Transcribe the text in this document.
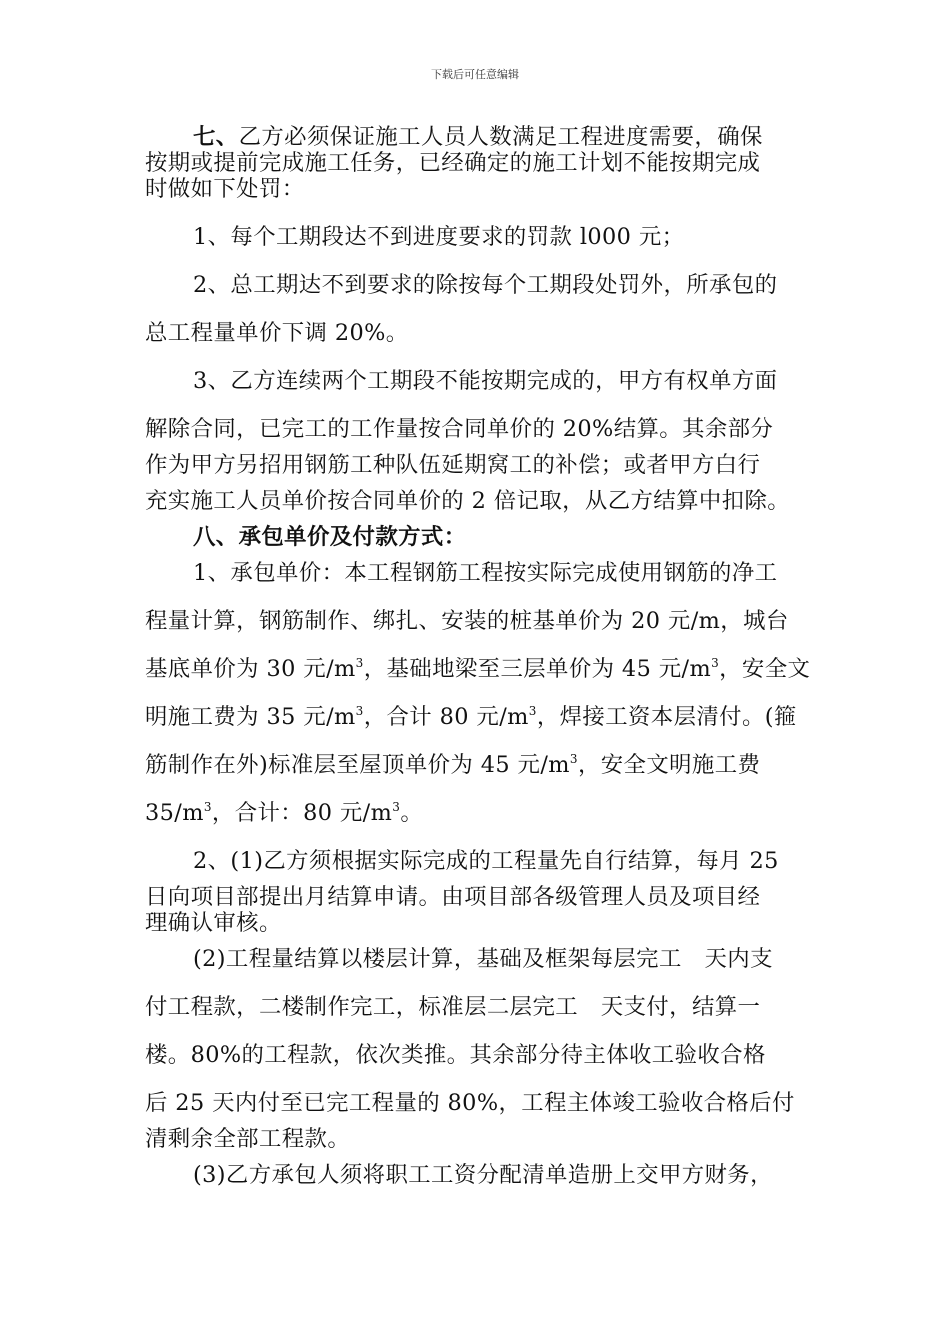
下载后可任意编辑

七、乙方必须保证施工人员人数满足工程进度需要，确保

按期或提前完成施工任务，已经确定的施工计划不能按期完成

时做如下处罚：

1、每个工期段达不到进度要求的罚款 l000 元；

2、总工期达不到要求的除按每个工期段处罚外，所承包的

总工程量单价下调 20%。

3、乙方连续两个工期段不能按期完成的，甲方有权单方面

解除合同，已完工的工作量按合同单价的 20%结算。其余部分

作为甲方另招用钢筋工种队伍延期窝工的补偿；或者甲方白行

充实施工人员单价按合同单价的 2 倍记取，从乙方结算中扣除。

八、承包单价及付款方式：

1、承包单价：本工程钢筋工程按实际完成使用钢筋的净工

程量计算，钢筋制作、绑扎、安装的桩基单价为 20 元/m，城台

基底单价为 30 元$/m^3$，基础地梁至三层单价为 45 元$/m^3$，安全文

明施工费为 35 元$/m^3$，合计 80 元$/m^3$，焊接工资本层清付。(箍

筋制作在外)标准层至屋顶单价为 45 元$/m^3$，安全文明施工费

$35/m^3$，合计：80 元$/m^3$。

2、(1)乙方须根据实际完成的工程量先自行结算，每月 25

日向项目部提出月结算申请。由项目部各级管理人员及项目经

理确认审核。

(2)工程量结算以楼层计算，基础及框架每层完工　天内支

付工程款，二楼制作完工，标准层二层完工　天支付，结算一

楼。80%的工程款，依次类推。其余部分待主体收工验收合格

后 25 天内付至已完工程量的 80%，工程主体竣工验收合格后付

清剩余全部工程款。

(3)乙方承包人须将职工工资分配清单造册上交甲方财务，
